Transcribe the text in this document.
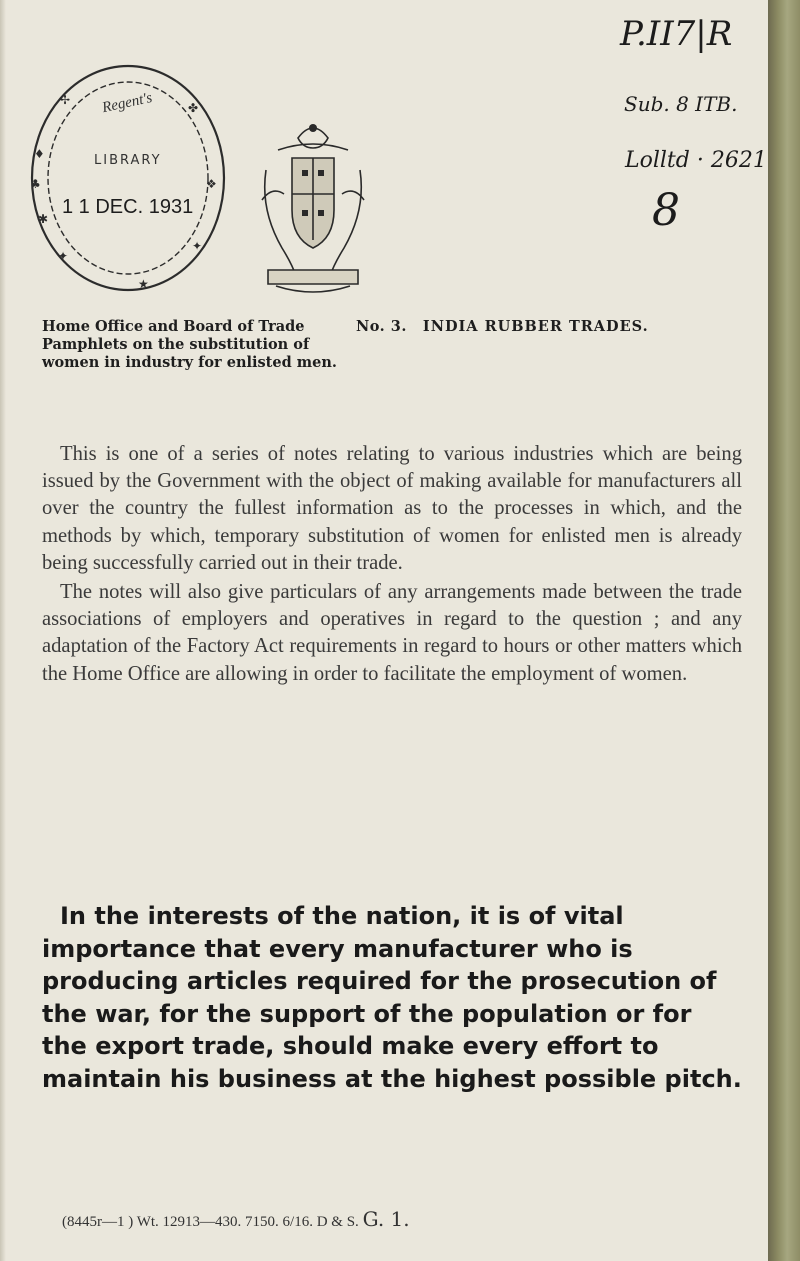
♦
♣
✱
✦
★
✤
❖
✦
✢ Regent's
LIBRARY
1 1 DEC. 1931
P.II7|R
Sub. 8 ITB.
Lolltd · 2621
8
Home Office and Board of Trade Pamphlets on the substitution of women in industry for enlisted men.
No. 3. INDIA RUBBER TRADES.

This is one of a series of notes relating to various industries which are being issued by the Government with the object of making available for manufacturers all over the country the fullest information as to the processes in which, and the methods by which, temporary substitution of women for enlisted men is already being successfully carried out in their trade.

The notes will also give particulars of any arrangements made between the trade associations of employers and operatives in regard to the question ; and any adaptation of the Factory Act requirements in regard to hours or other matters which the Home Office are allowing in order to facilitate the employment of women.

In the interests of the nation, it is of vital importance that every manufacturer who is producing articles required for the prosecution of the war, for the support of the population or for the export trade, should make every effort to maintain his business at the highest possible pitch.

(8445r—1 ) Wt. 12913—430. 7150. 6/16. D & S. G. 1.
